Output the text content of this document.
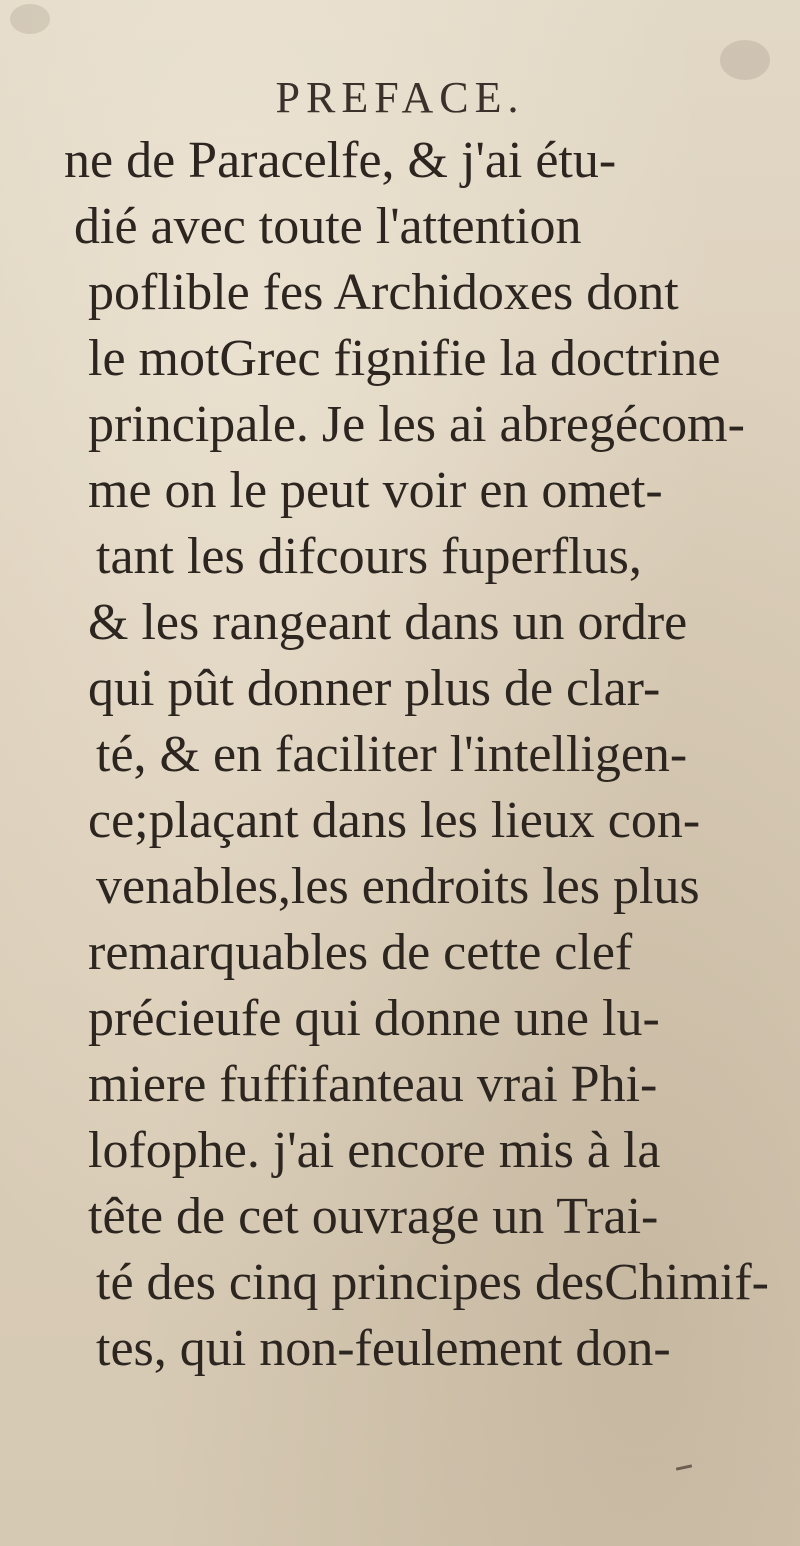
PREFACE.
ne de Paracelfe, & j'ai étu-
dié avec toute l'attention
poflible fes Archidoxes dont
le motGrec fignifie la doctrine
principale. Je les ai abregécom-
me on le peut voir en omet-
tant les difcours fuperflus,
& les rangeant dans un ordre
qui pût donner plus de clar-
té, & en faciliter l'intelligen-
ce;plaçant dans les lieux con-
venables,les endroits les plus
remarquables de cette clef
précieufe qui donne une lu-
miere fuffifanteau vrai Phi-
lofophe. j'ai encore mis à la
tête de cet ouvrage un Trai-
té des cinq principes desChimif-
tes, qui non-feulement don-
